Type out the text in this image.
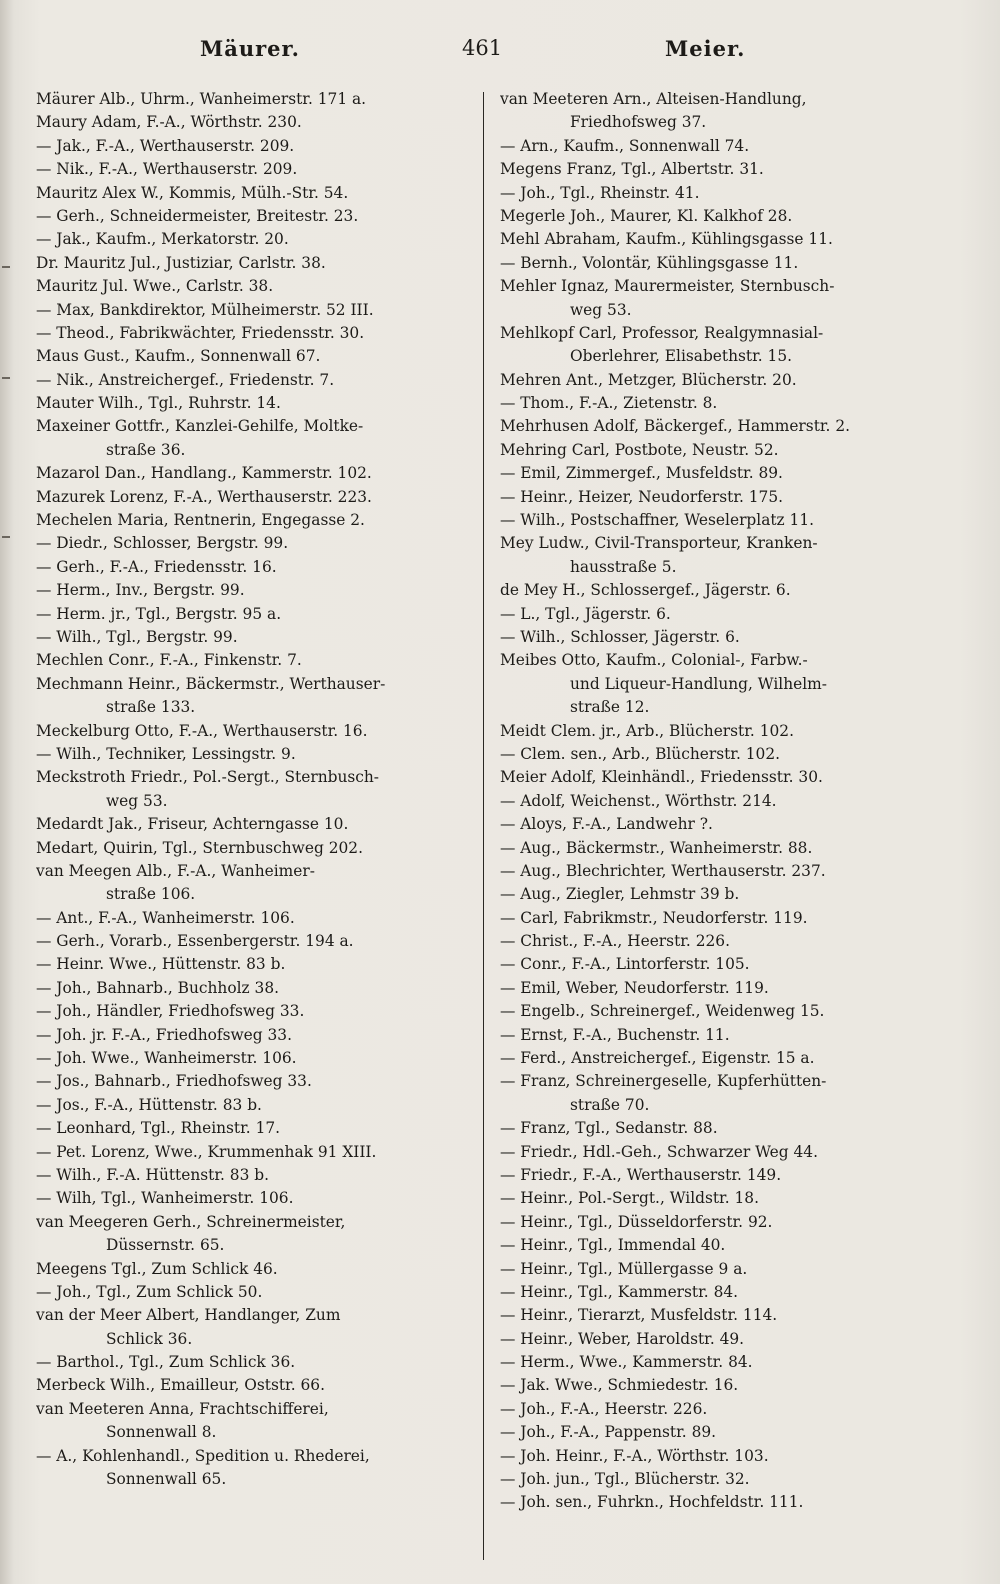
Mäurer.	461	Meier.
Mäurer Alb., Uhrm., Wanheimerstr. 171 a.
Maury Adam, F.-A., Wörthstr. 230.
— Jak., F.-A., Werthauserstr. 209.
— Nik., F.-A., Werthauserstr. 209.
Mauritz Alex W., Kommis, Mülh.-Str. 54.
— Gerh., Schneidermeister, Breitestr. 23.
— Jak., Kaufm., Merkatorstr. 20.
Dr. Mauritz Jul., Justiziar, Carlstr. 38.
Mauritz Jul. Wwe., Carlstr. 38.
— Max, Bankdirektor, Mülheimerstr. 52 III.
— Theod., Fabrikwächter, Friedensstr. 30.
Maus Gust., Kaufm., Sonnenwall 67.
— Nik., Anstreichergef., Friedenstr. 7.
Mauter Wilh., Tgl., Ruhrstr. 14.
Maxeiner Gottfr., Kanzlei-Gehilfe, Moltke-
straße 36.
Mazarol Dan., Handlang., Kammerstr. 102.
Mazurek Lorenz, F.-A., Werthauserstr. 223.
Mechelen Maria, Rentnerin, Engegasse 2.
— Diedr., Schlosser, Bergstr. 99.
— Gerh., F.-A., Friedensstr. 16.
— Herm., Inv., Bergstr. 99.
— Herm. jr., Tgl., Bergstr. 95 a.
— Wilh., Tgl., Bergstr. 99.
Mechlen Conr., F.-A., Finkenstr. 7.
Mechmann Heinr., Bäckermstr., Werthauser-
straße 133.
Meckelburg Otto, F.-A., Werthauserstr. 16.
— Wilh., Techniker, Lessingstr. 9.
Meckstroth Friedr., Pol.-Sergt., Sternbusch-
weg 53.
Medardt Jak., Friseur, Achterngasse 10.
Medart, Quirin, Tgl., Sternbuschweg 202.
van Meegen Alb., F.-A., Wanheimer-
straße 106.
— Ant., F.-A., Wanheimerstr. 106.
— Gerh., Vorarb., Essenbergerstr. 194 a.
— Heinr. Wwe., Hüttenstr. 83 b.
— Joh., Bahnarb., Buchholz 38.
— Joh., Händler, Friedhofsweg 33.
— Joh. jr. F.-A., Friedhofsweg 33.
— Joh. Wwe., Wanheimerstr. 106.
— Jos., Bahnarb., Friedhofsweg 33.
— Jos., F.-A., Hüttenstr. 83 b.
— Leonhard, Tgl., Rheinstr. 17.
— Pet. Lorenz, Wwe., Krummenhak 91 XIII.
— Wilh., F.-A. Hüttenstr. 83 b.
— Wilh, Tgl., Wanheimerstr. 106.
van Meegeren Gerh., Schreinermeister,
Düssernstr. 65.
Meegens Tgl., Zum Schlick 46.
— Joh., Tgl., Zum Schlick 50.
van der Meer Albert, Handlanger, Zum
Schlick 36.
— Barthol., Tgl., Zum Schlick 36.
Merbeck Wilh., Emailleur, Oststr. 66.
van Meeteren Anna, Frachtschifferei,
Sonnenwall 8.
— A., Kohlenhandl., Spedition u. Rhederei,
Sonnenwall 65.
van Meeteren Arn., Alteisen-Handlung,
Friedhofsweg 37.
— Arn., Kaufm., Sonnenwall 74.
Megens Franz, Tgl., Albertstr. 31.
— Joh., Tgl., Rheinstr. 41.
Megerle Joh., Maurer, Kl. Kalkhof 28.
Mehl Abraham, Kaufm., Kühlingsgasse 11.
— Bernh., Volontär, Kühlingsgasse 11.
Mehler Ignaz, Maurermeister, Sternbusch-
weg 53.
Mehlkopf Carl, Professor, Realgymnasial-
Oberlehrer, Elisabethstr. 15.
Mehren Ant., Metzger, Blücherstr. 20.
— Thom., F.-A., Zietenstr. 8.
Mehrhusen Adolf, Bäckergef., Hammerstr. 2.
Mehring Carl, Postbote, Neustr. 52.
— Emil, Zimmergef., Musfeldstr. 89.
— Heinr., Heizer, Neudorferstr. 175.
— Wilh., Postschaffner, Weselerplatz 11.
Mey Ludw., Civil-Transporteur, Kranken-
hausstraße 5.
de Mey H., Schlossergef., Jägerstr. 6.
— L., Tgl., Jägerstr. 6.
— Wilh., Schlosser, Jägerstr. 6.
Meibes Otto, Kaufm., Colonial-, Farbw.-
und Liqueur-Handlung, Wilhelm-
straße 12.
Meidt Clem. jr., Arb., Blücherstr. 102.
— Clem. sen., Arb., Blücherstr. 102.
Meier Adolf, Kleinhändl., Friedensstr. 30.
— Adolf, Weichenst., Wörthstr. 214.
— Aloys, F.-A., Landwehr ?.
— Aug., Bäckermstr., Wanheimerstr. 88.
— Aug., Blechrichter, Werthauserstr. 237.
— Aug., Ziegler, Lehmstr 39 b.
— Carl, Fabrikmstr., Neudorferstr. 119.
— Christ., F.-A., Heerstr. 226.
— Conr., F.-A., Lintorferstr. 105.
— Emil, Weber, Neudorferstr. 119.
— Engelb., Schreinergef., Weidenweg 15.
— Ernst, F.-A., Buchenstr. 11.
— Ferd., Anstreichergef., Eigenstr. 15 a.
— Franz, Schreinergeselle, Kupferhütten-
straße 70.
— Franz, Tgl., Sedanstr. 88.
— Friedr., Hdl.-Geh., Schwarzer Weg 44.
— Friedr., F.-A., Werthauserstr. 149.
— Heinr., Pol.-Sergt., Wildstr. 18.
— Heinr., Tgl., Düsseldorferstr. 92.
— Heinr., Tgl., Immendal 40.
— Heinr., Tgl., Müllergasse 9 a.
— Heinr., Tgl., Kammerstr. 84.
— Heinr., Tierarzt, Musfeldstr. 114.
— Heinr., Weber, Haroldstr. 49.
— Herm., Wwe., Kammerstr. 84.
— Jak. Wwe., Schmiedestr. 16.
— Joh., F.-A., Heerstr. 226.
— Joh., F.-A., Pappenstr. 89.
— Joh. Heinr., F.-A., Wörthstr. 103.
— Joh. jun., Tgl., Blücherstr. 32.
— Joh. sen., Fuhrkn., Hochfeldstr. 111.
